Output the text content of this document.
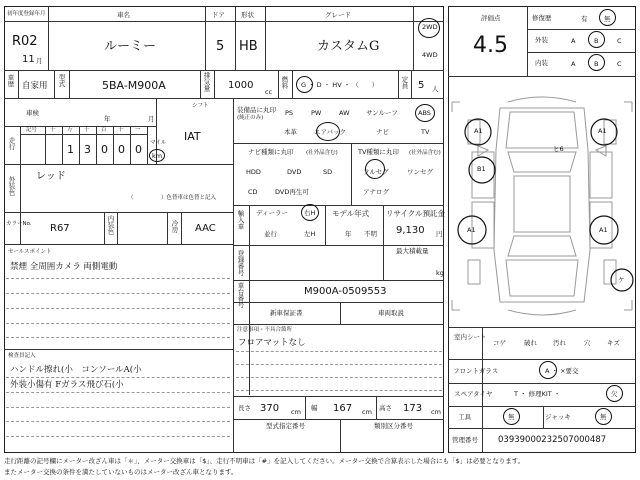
初年度登録年月	車名	ドア 形状	グレード
R02
11 月
ルーミー	5 HB	カスタムG
2WD
4WD
車歴 自家用 型式	5BA-M900A	排気量 1000
cc
燃料 G ・ D ・ HV ・ （　　）	定員 5 人
車検
年	月
シフト
IAT
走行
記号 十 万 千 百 十 一
1 3 0 0 0 マイル
km
外装色 レッド
（　　　　　）色替車は色替と記入
カラーNo. R67	内装色	冷房 AAC
セールスポイント
禁煙 全周囲カメラ 両側電動
検査員記入
ハンドル擦れ(小　コンソールA(小
外装小傷有 Fガラス飛び石(小
装備品に丸印
(純正のみ)
PS	PW	AW	サンルーフ	ABS
本革	エアバック	ナビ	TV
ナビ種類に丸印 (社外品含む)
HDD	DVD	SD
CD	DVD再生可
TV種類に丸印 (社外品含む)
フルセグ	ワンセグ
アナログ
輸入車 ディーラー 右H
並行	左H
モデル年式
年 不明
リサイクル預託金
9,130 円
登録番号	最大積載量
kg
車台番号	M900A-0509553
新車保証書	車両取説
注意事項・不具合箇所
フロアマットなし
長さ 370 cm 幅 167 cm 高さ 173 cm
型式指定番号	類別区分番号
評価点
4.5
修復歴	有	無
外装	A	B	C
内装	A	B	C
A1	A1
B1
A1	A1
ヒ6
ケ
室内シート
コゲ	破れ 汚れ	穴	キズ
フロントガラス	A ・ ×要交
スペアタイヤ	T ・ 修理KIT ・	欠
工具	無	ジャッキ	無
管理番号 03939000232507000487
走行距離の記号欄にメーター改ざん車は「＊」、メーター交換車は「$」、走行不明車は「#」を記入してください。メーター交換で合算表示した場合にも「$」は必要となります。
またメーター交換の条件を満たしていないものはメーター改ざん車となります。
